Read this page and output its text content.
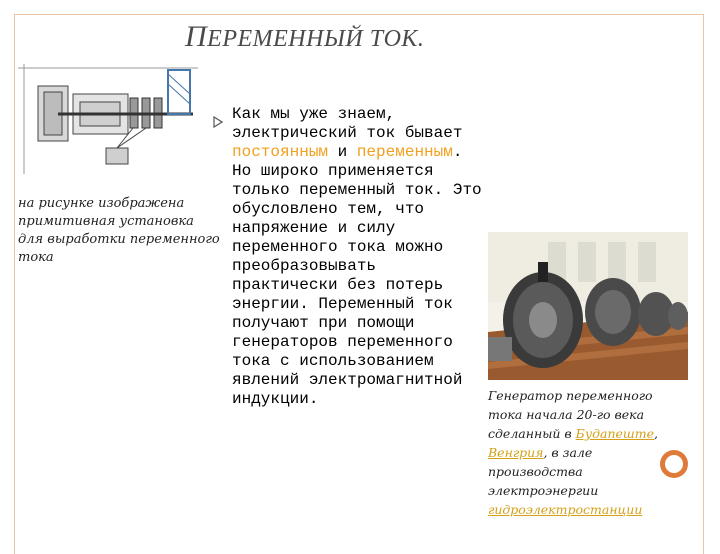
ПЕРЕМЕННЫЙ ТОК.
на рисунке изображена примитивная установка для выработки переменного тока
Как мы уже знаем, электрический ток бывает постоянным и переменным. Но широко применяется только переменный ток. Это обусловлено тем, что напряжение и силу переменного тока можно преобразовывать практически без потерь энергии. Переменный ток получают при помощи генераторов переменного тока с использованием явлений электромагнитной индукции.	Генератор переменного тока начала 20-го века сделанный в Будапеште, Венгрия, в зале производства электроэнергии гидроэлектростанции
